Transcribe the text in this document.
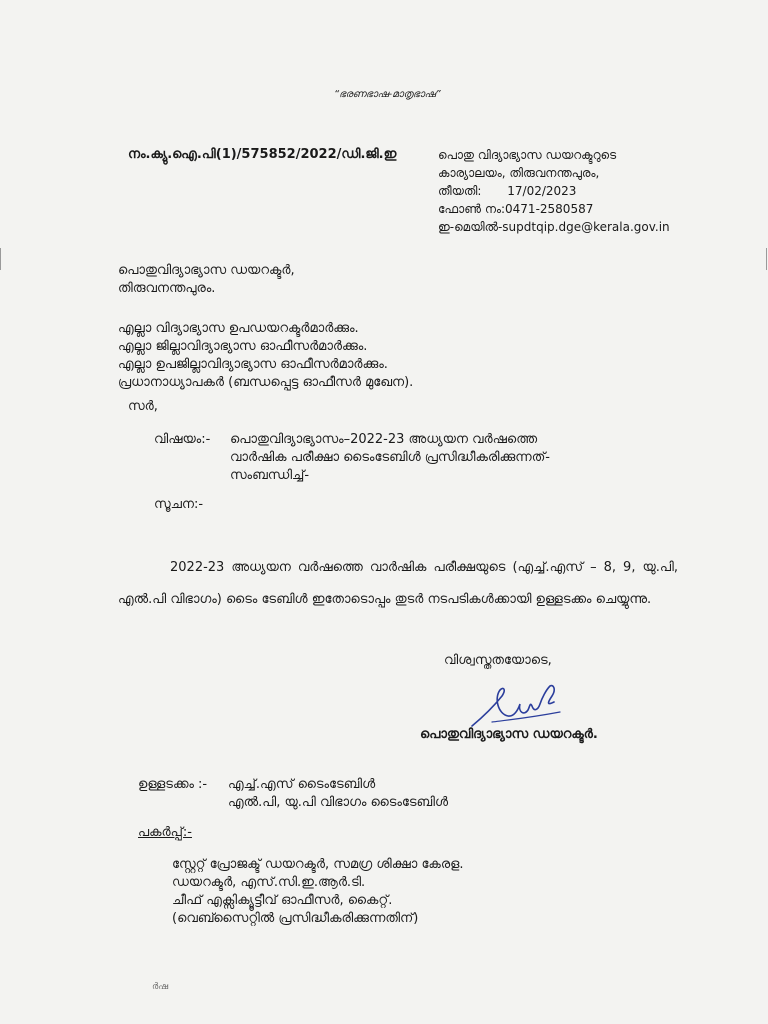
“ഭരണഭാഷ-മാതൃഭാഷ”
നം.ക്യു.ഐ.പി(1)/575852/2022/ഡി.ജി.ഇ	പൊതു വിദ്യാഭ്യാസ ഡയറക്ടറുടെ
കാര്യാലയം, തിരുവനന്തപുരം,
തീയതി: 17/02/2023
ഫോൺ നം:0471-2580587
ഇ-മെയിൽ-supdtqip.dge@kerala.gov.in
പൊതുവിദ്യാഭ്യാസ ഡയറക്ടർ,
തിരുവനന്തപുരം.
എല്ലാ വിദ്യാഭ്യാസ ഉപഡയറക്ടർമാർക്കും.
എല്ലാ ജില്ലാവിദ്യാഭ്യാസ ഓഫീസർമാർക്കും.
എല്ലാ ഉപജില്ലാവിദ്യാഭ്യാസ ഓഫീസർമാർക്കും.
പ്രധാനാധ്യാപകർ (ബന്ധപ്പെട്ട ഓഫീസർ മുഖേന).
സർ,
വിഷയം:- പൊതുവിദ്യാഭ്യാസം–2022-23 അധ്യയന വർഷത്തെ
വാർഷിക പരീക്ഷാ ടൈംടേബിൾ പ്രസിദ്ധീകരിക്കുന്നത്-
സംബന്ധിച്ച്-
സൂചന:-
2022-23 അധ്യയന വർഷത്തെ വാർഷിക പരീക്ഷയുടെ (എച്ച്.എസ് – 8, 9, യു.പി, എൽ.പി വിഭാഗം) ടൈം ടേബിൾ ഇതോടൊപ്പം തുടർ നടപടികൾക്കായി ഉള്ളടക്കം ചെയ്യുന്നു.
വിശ്വസ്തതയോടെ,
പൊതുവിദ്യാഭ്യാസ ഡയറക്ടർ.
ഉള്ളടക്കം :- എച്ച്.എസ് ടൈംടേബിൾ
എൽ.പി, യു.പി വിഭാഗം ടൈംടേബിൾ
പകർപ്പ്:-
സ്റ്റേറ്റ് പ്രോജക്ട് ഡയറക്ടർ, സമഗ്ര ശിക്ഷാ കേരള.
ഡയറക്ടർ, എസ്.സി.ഇ.ആർ.ടി.
ചീഫ് എക്സിക്യൂട്ടീവ് ഓഫീസർ, കൈറ്റ്.
(വെബ്സൈറ്റിൽ പ്രസിദ്ധീകരിക്കുന്നതിന്)
ർഷ
